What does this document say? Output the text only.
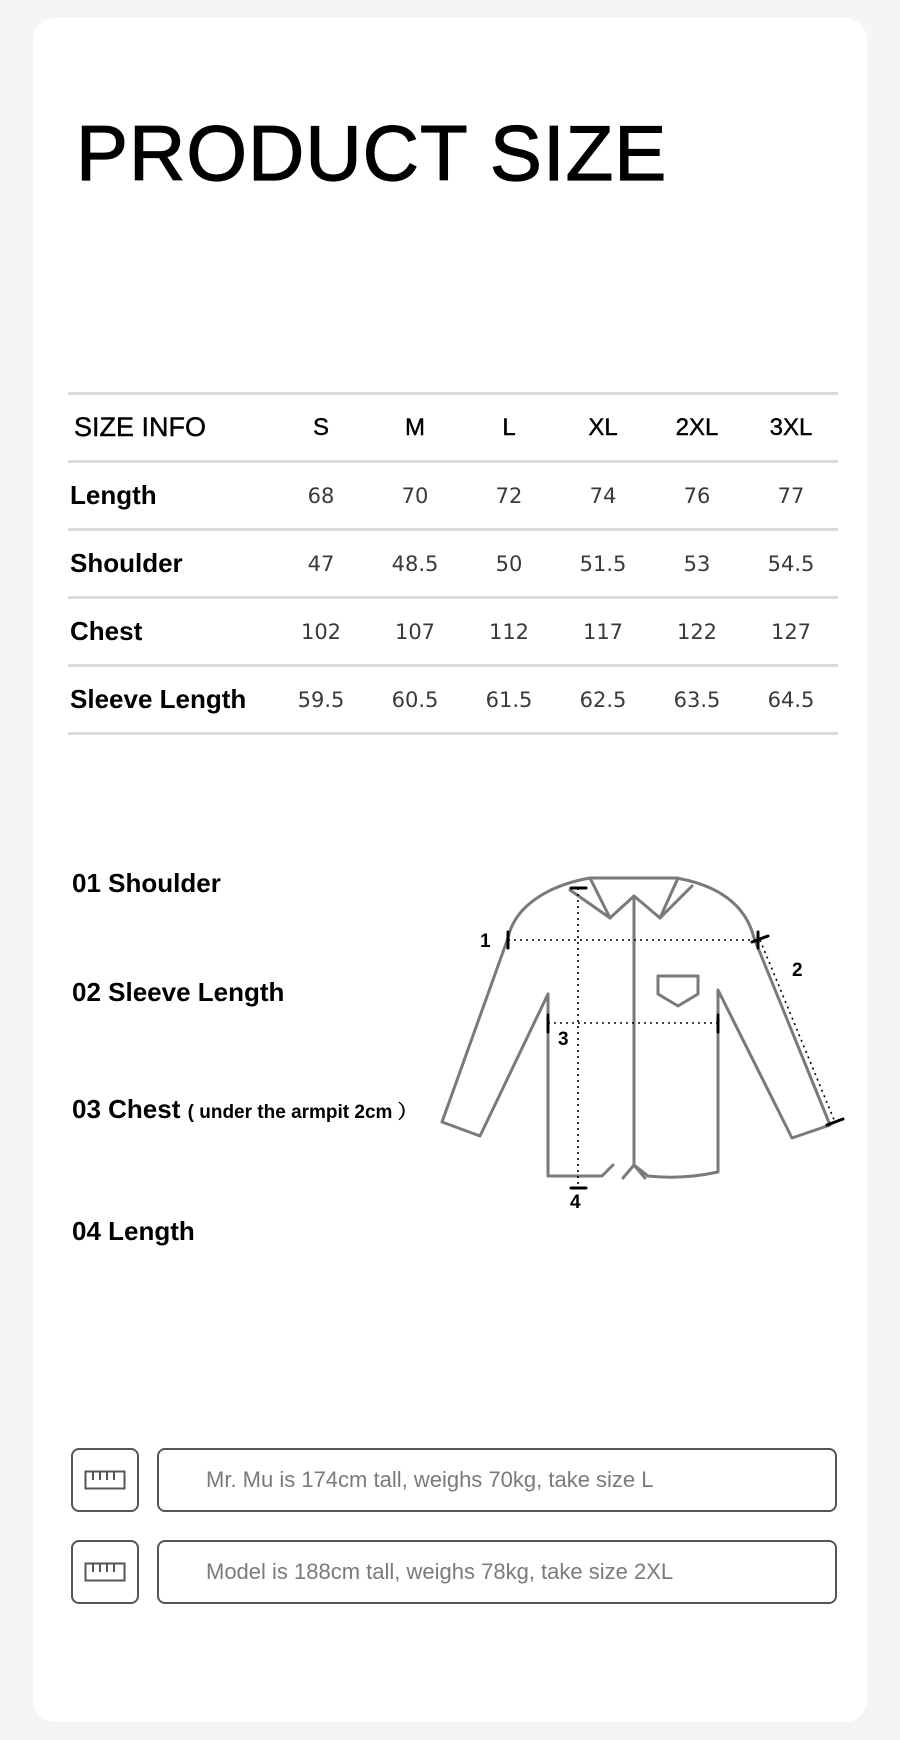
PRODUCT SIZE
SIZE INFO	S	M	L	XL	2XL	3XL
Length	68	70	72	74	76	77
Shoulder	47	48.5	50	51.5	53	54.5
Chest	102	107	112	117	122	127
Sleeve Length	59.5	60.5	61.5	62.5	63.5	64.5
01 Shoulder
02 Sleeve Length
03 Chest ( under the armpit 2cm ）
04 Length
1
2
3
4
Mr. Mu is 174cm tall, weighs 70kg, take size L
Model is 188cm tall, weighs 78kg, take size 2XL
